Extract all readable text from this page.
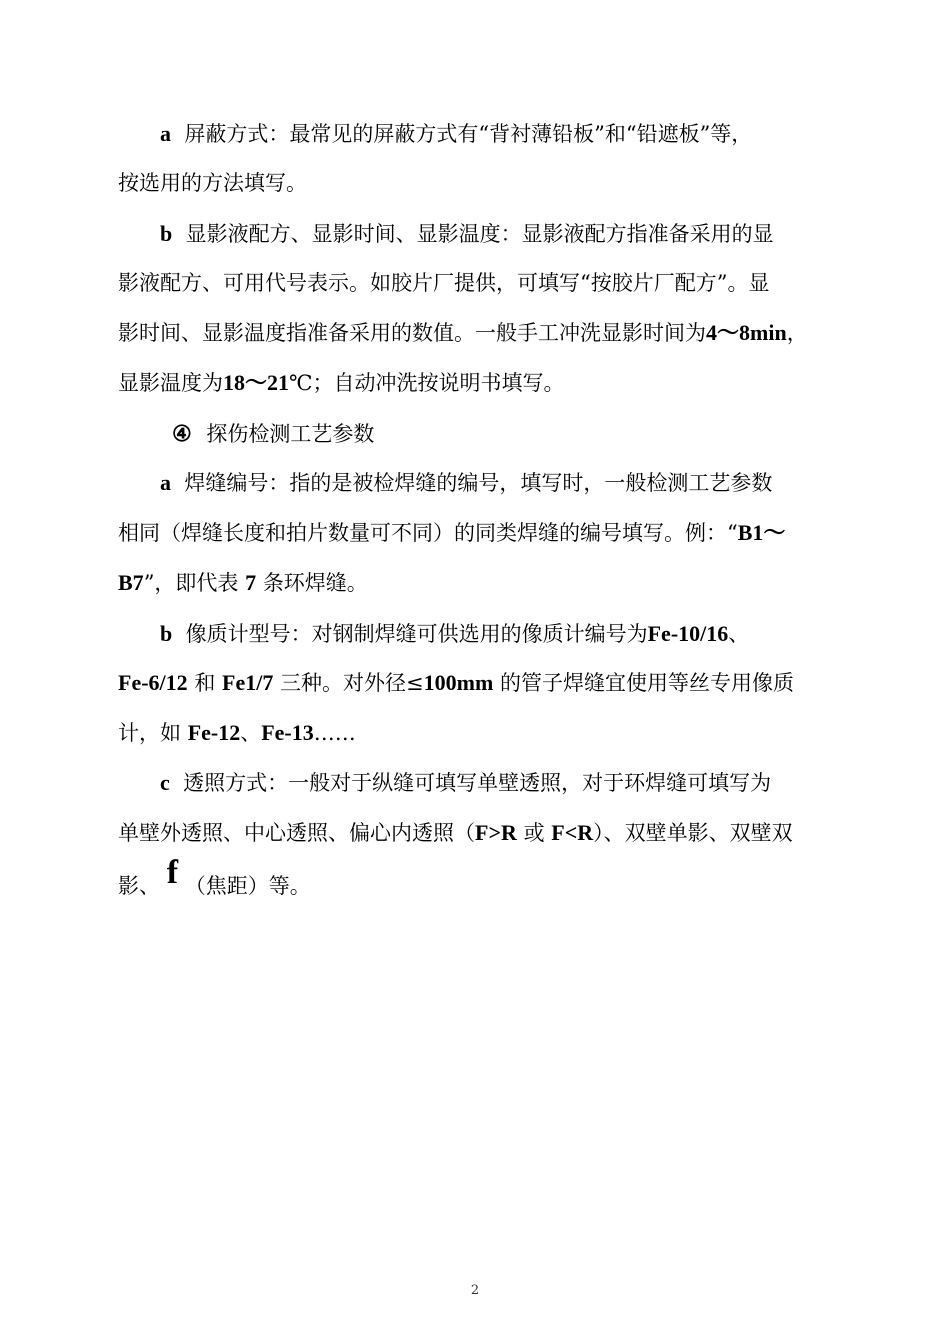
a 屏蔽方式：最常见的屏蔽方式有“背衬薄铅板”和“铅遮板”等，
按选用的方法填写。
b 显影液配方、显影时间、显影温度：显影液配方指准备采用的显
影液配方、可用代号表示。如胶片厂提供，可填写“按胶片厂配方”。显
影时间、显影温度指准备采用的数值。一般手工冲洗显影时间为4～8min，
显影温度为18～21℃；自动冲洗按说明书填写。
④ 探伤检测工艺参数
a 焊缝编号：指的是被检焊缝的编号，填写时，一般检测工艺参数
相同（焊缝长度和拍片数量可不同）的同类焊缝的编号填写。例：“B1～
B7”，即代表 7 条环焊缝。
b 像质计型号：对钢制焊缝可供选用的像质计编号为Fe-10/16、
Fe-6/12 和 Fe1/7 三种。对外径≤100mm 的管子焊缝宜使用等丝专用像质
计，如 Fe-12、Fe-13……
c 透照方式：一般对于纵缝可填写单壁透照，对于环焊缝可填写为
单壁外透照、中心透照、偏心内透照（F>R 或 F<R）、双壁单影、双壁双
影、 f （焦距）等。
2
